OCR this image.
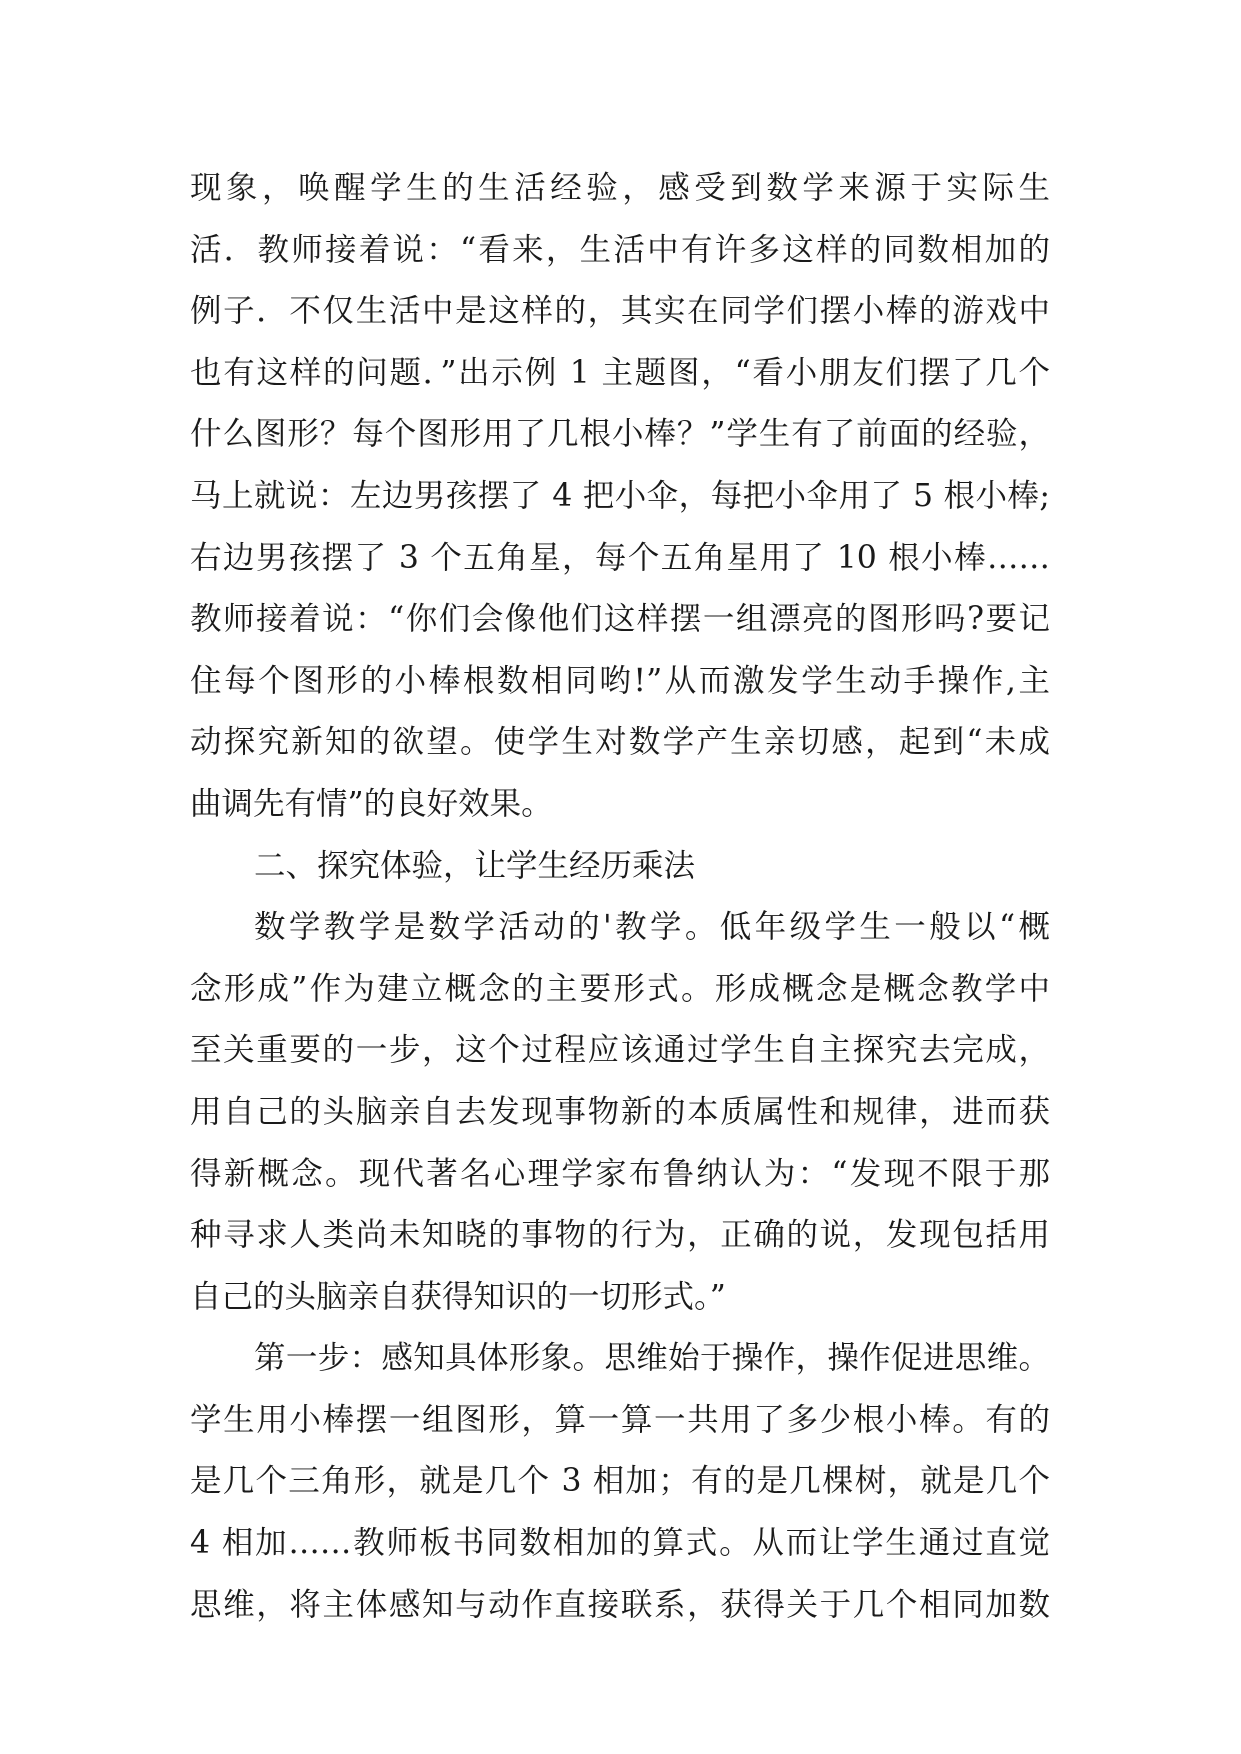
现象，唤醒学生的生活经验，感受到数学来源于实际生
活．教师接着说：“看来，生活中有许多这样的同数相加的
例子．不仅生活中是这样的，其实在同学们摆小棒的游戏中
也有这样的问题．”出示例 1 主题图，“看小朋友们摆了几个
什么图形？每个图形用了几根小棒？”学生有了前面的经验，
马上就说：左边男孩摆了 4 把小伞，每把小伞用了 5 根小棒;
右边男孩摆了 3 个五角星，每个五角星用了 10 根小棒……
教师接着说：“你们会像他们这样摆一组漂亮的图形吗?要记
住每个图形的小棒根数相同哟!”从而激发学生动手操作,主
动探究新知的欲望。使学生对数学产生亲切感，起到“未成
曲调先有情”的良好效果。
二、探究体验，让学生经历乘法
数学教学是数学活动的'教学。低年级学生一般以“概
念形成”作为建立概念的主要形式。形成概念是概念教学中
至关重要的一步，这个过程应该通过学生自主探究去完成，
用自己的头脑亲自去发现事物新的本质属性和规律，进而获
得新概念。现代著名心理学家布鲁纳认为：“发现不限于那
种寻求人类尚未知晓的事物的行为，正确的说，发现包括用
自己的头脑亲自获得知识的一切形式。”
第一步：感知具体形象。思维始于操作，操作促进思维。
学生用小棒摆一组图形，算一算一共用了多少根小棒。有的
是几个三角形，就是几个 3 相加；有的是几棵树，就是几个
4 相加……教师板书同数相加的算式。从而让学生通过直觉
思维，将主体感知与动作直接联系，获得关于几个相同加数
